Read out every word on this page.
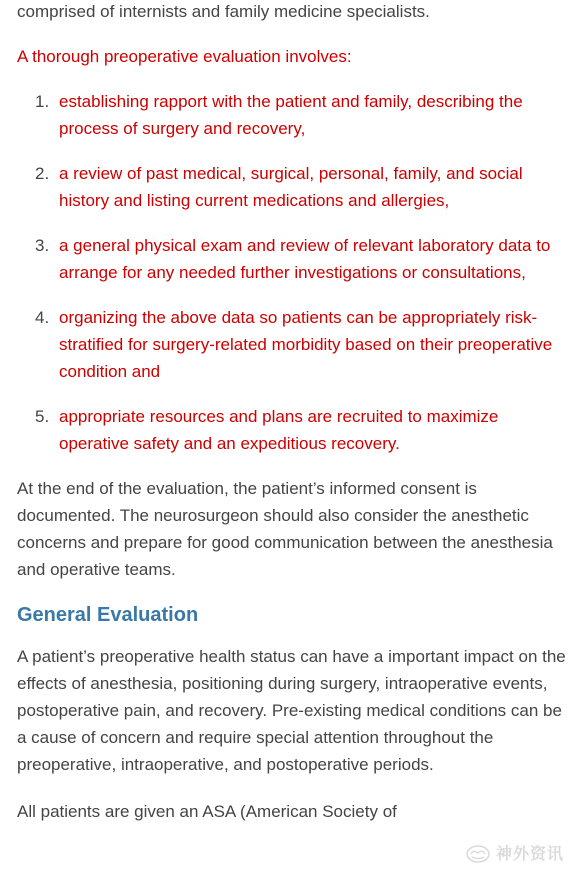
comprised of internists and family medicine specialists.

A thorough preoperative evaluation involves:

1. establishing rapport with the patient and family, describing the process of surgery and recovery,
2. a review of past medical, surgical, personal, family, and social history and listing current medications and allergies,
3. a general physical exam and review of relevant laboratory data to arrange for any needed further investigations or consultations,
4. organizing the above data so patients can be appropriately risk-stratified for surgery-related morbidity based on their preoperative condition and
5. appropriate resources and plans are recruited to maximize operative safety and an expeditious recovery.

At the end of the evaluation, the patient’s informed consent is documented. The neurosurgeon should also consider the anesthetic concerns and prepare for good communication between the anesthesia and operative teams.

General Evaluation

A patient’s preoperative health status can have a important impact on the effects of anesthesia, positioning during surgery, intraoperative events, postoperative pain, and recovery. Pre-existing medical conditions can be a cause of concern and require special attention throughout the preoperative, intraoperative, and postoperative periods.

All patients are given an ASA (American Society of

神外资讯
